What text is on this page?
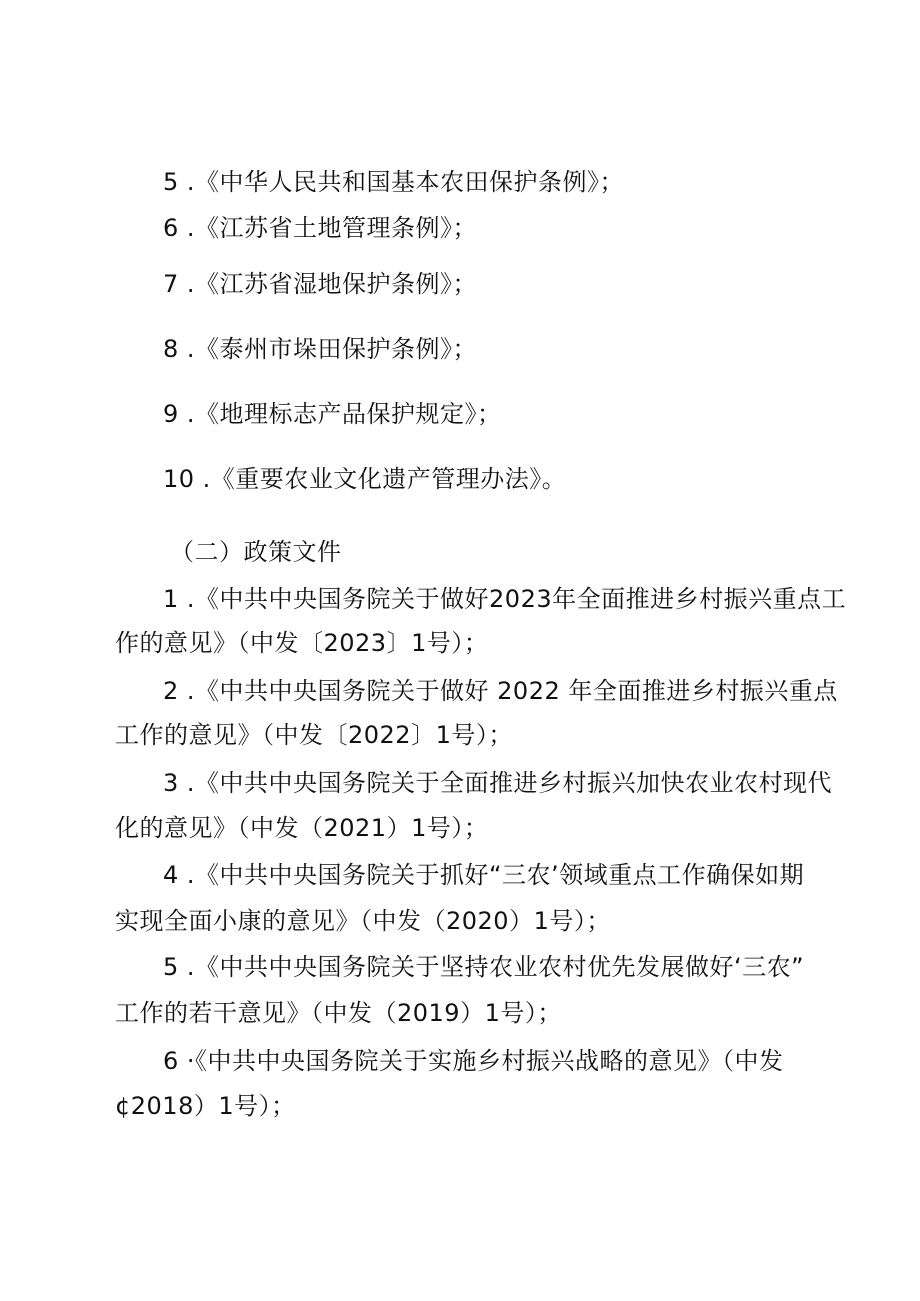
5 .《中华人民共和国基本农田保护条例》；
6 .《江苏省土地管理条例》；
7 .《江苏省湿地保护条例》；
8 .《泰州市垛田保护条例》；
9 .《地理标志产品保护规定》；
10 .《重要农业文化遗产管理办法》。
（二）政策文件
1 .《中共中央国务院关于做好2023年全面推进乡村振兴重点工
作的意见》（中发〔2023〕1号）；
2 .《中共中央国务院关于做好 2022 年全面推进乡村振兴重点
工作的意见》（中发〔2022〕1号）；
3 .《中共中央国务院关于全面推进乡村振兴加快农业农村现代
化的意见》（中发（2021）1号）；
4 .《中共中央国务院关于抓好“三农’领域重点工作确保如期
实现全面小康的意见》（中发（2020）1号）；
5 .《中共中央国务院关于坚持农业农村优先发展做好‘三农”
工作的若干意见》（中发（2019）1号）；
6 ·《中共中央国务院关于实施乡村振兴战略的意见》（中发
¢2018）1号）；
